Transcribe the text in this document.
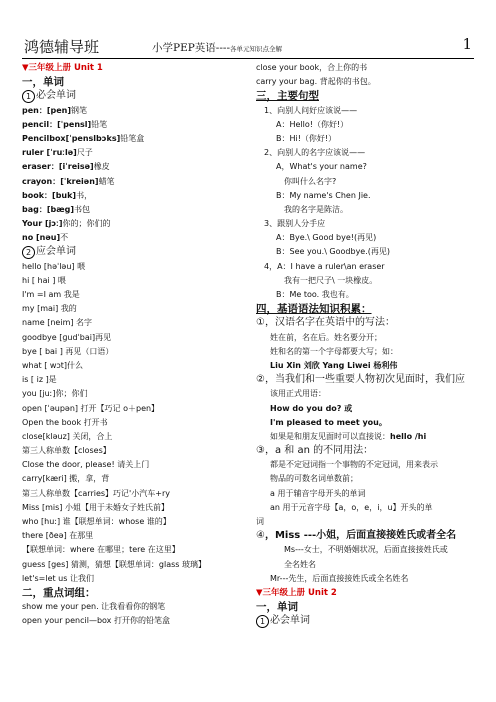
鸿德辅导班	小学PEP英语----各单元知识点全解	1
▼三年级上册 Unit 1
一，单词
1 必会单词
pen：[pen]钢笔
pencil：[ˈpensl]铅笔
Pencilbox[ˈpenslbɔks]铅笔盒
ruler [ˈruːlə]尺子
eraser：[iˈreisə]橡皮
crayon：[ˈkreiən]蜡笔
book：[buk]书，
bag：[bæg]书包
Your [jɔː]你的；你们的
no [nəu]不
2 应会单词
hello [həˈləu] 喂
hi [ hai ] 喂
I'm =I am 我是
my [mai] 我的
name [neim] 名字
goodbye [ɡudˈbai]再见
bye [ bai ] 再见（口语）
what [ wɔt]什么
is [ iz ]是
you [juː]你；你们
open [ˈəupən] 打开【巧记 o＋pen】
Open the book 打开书
close[kləuz] 关闭，合上
第三人称单数【closes】
Close the door, please! 请关上门
carry[kæri] 搬，拿，背
第三人称单数【carries】巧记'小汽车+ry
Miss [mis] 小姐【用于未婚女子姓氏前】
who [huː] 谁【联想单词：whose 谁的】
there [ðeə] 在那里
【联想单词：where 在哪里；tere 在这里】
guess [ges] 猜测，猜想【联想单词：glass 玻璃】
let's=let us 让我们
二，重点词组：
show me your pen. 让我看看你的钢笔
open your pencil—box 打开你的铅笔盒
close your book，合上你的书
carry your bag. 背起你的书包。
三，主要句型
1、向别人问好应该说——
A：Hello!（你好!）
B：Hi!（你好!）
2、向别人的名字应该说——
A，What's your name?
你叫什么名字?
B：My name's Chen Jie.
我的名字是陈洁。
3、跟别人分手应
A：Bye.\ Good bye!(再见)
B：See you.\ Goodbye.(再见)
4，A：I have a ruler\an eraser
我有一把尺子\ 一块橡皮。
B：Me too. 我也有。
四，基语语法知识积累：
①，汉语名字在英语中的写法：
姓在前，名在后。姓名要分开；
姓和名的第一个字母都要大写；如：
Liu Xin 刘欣 Yang Liwei 杨利伟
②，当我们和一些重要人物初次见面时，我们应
该用正式用语：
How do you do? 或
I'm pleased to meet you。
如果是和朋友见面时可以直接说：hello /hi
③，a 和 an 的不同用法：
都是不定冠词指一个事物的不定冠词，用来表示
物品的可数名词单数前；
a 用于辅音字母开头的单词
an 用于元音字母【a，o，e，i，u】开头的单
词
④，Miss ---小姐，后面直接接姓氏或者全名
Ms---女士，不明婚姻状况，后面直接接姓氏或
全名姓名
Mr---先生，后面直接接姓氏或全名姓名
▼三年级上册 Unit 2
一，单词
1 必会单词
